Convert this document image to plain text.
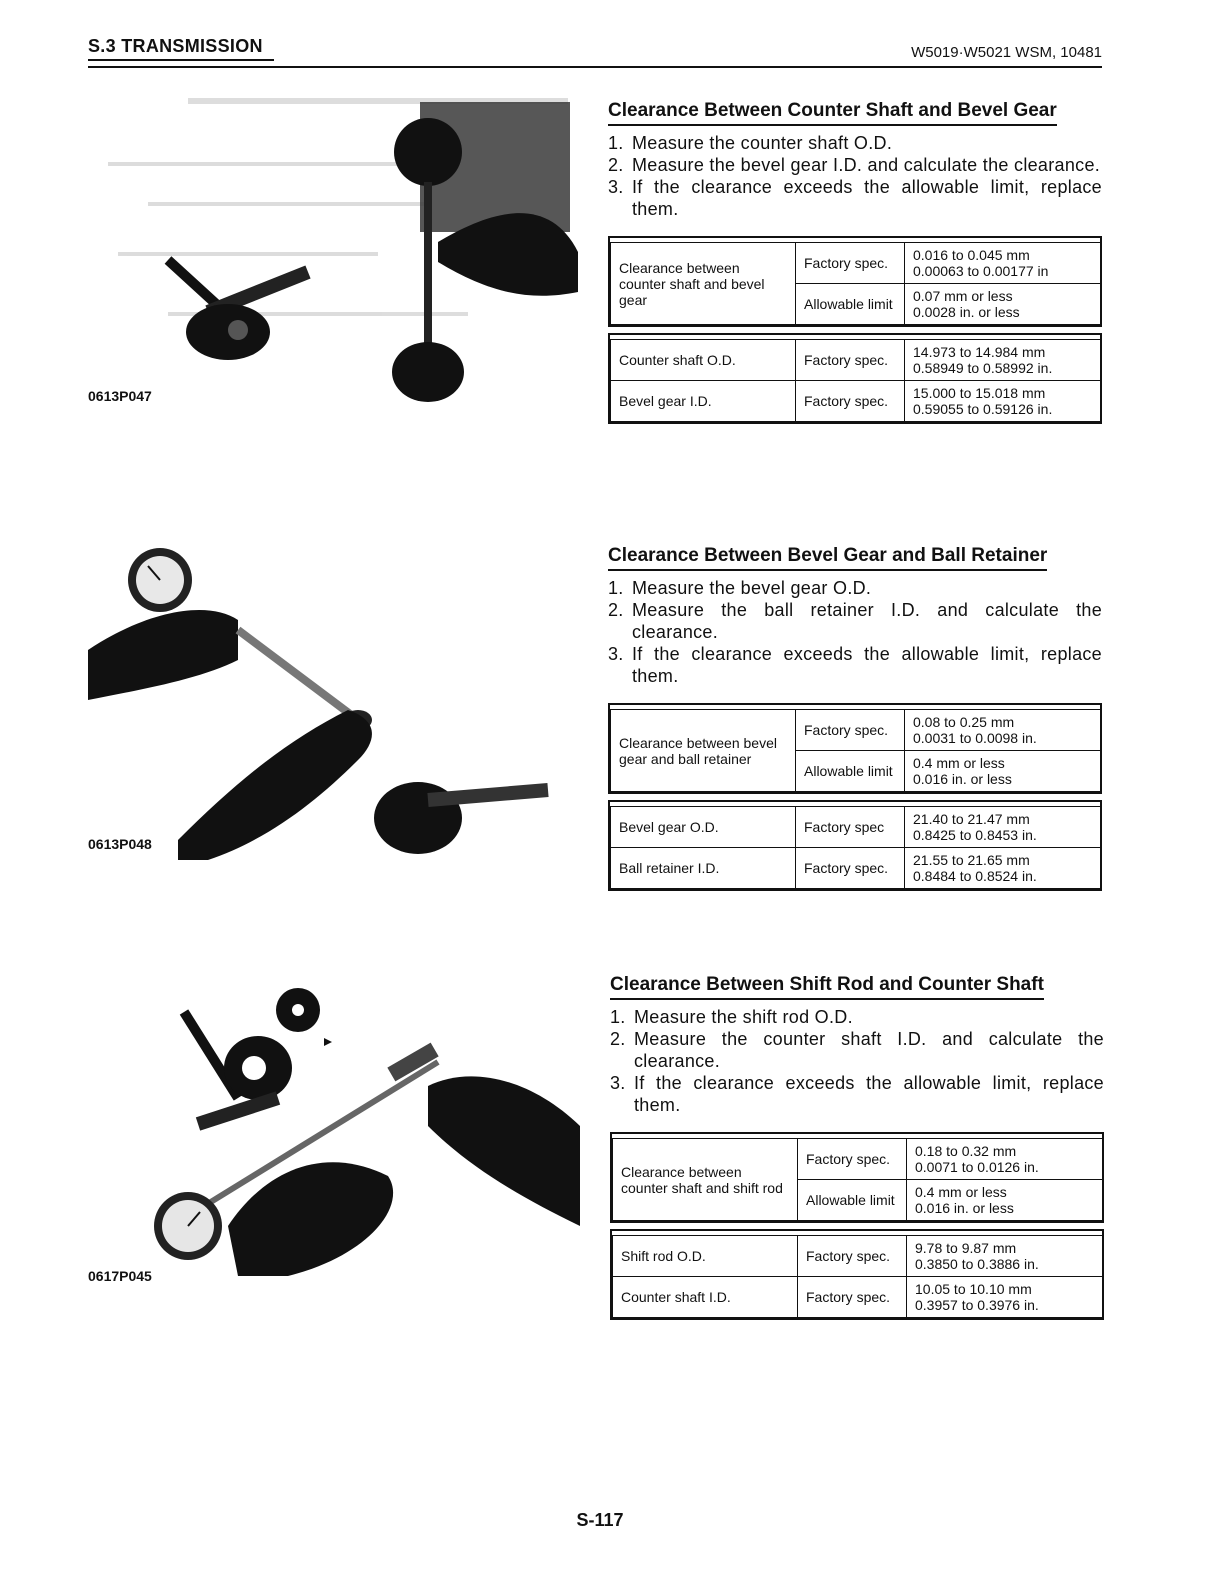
S.3 TRANSMISSION	W5019·W5021 WSM, 10481
0613P047
Clearance Between Counter Shaft and Bevel Gear
1. Measure the counter shaft O.D.
2. Measure the bevel gear I.D. and calculate the clearance.
3. If the clearance exceeds the allowable limit, replace them.
Clearance between counter shaft and bevel gear	Factory spec.	0.016 to 0.045 mm
0.00063 to 0.00177 in

	Allowable limit	0.07 mm or less
0.0028 in. or less
Counter shaft O.D.	Factory spec.	14.973 to 14.984 mm
0.58949 to 0.58992 in.

Bevel gear I.D.	Factory spec.	15.000 to 15.018 mm
0.59055 to 0.59126 in.
0613P048
Clearance Between Bevel Gear and Ball Retainer
1. Measure the bevel gear O.D.
2. Measure the ball retainer I.D. and calculate the clearance.
3. If the clearance exceeds the allowable limit, replace them.
Clearance between bevel gear and ball retainer	Factory spec.	0.08 to 0.25 mm
0.0031 to 0.0098 in.

	Allowable limit	0.4 mm or less
0.016 in. or less
Bevel gear O.D.	Factory spec	21.40 to 21.47 mm
0.8425 to 0.8453 in.

Ball retainer I.D.	Factory spec.	21.55 to 21.65 mm
0.8484 to 0.8524 in.
0617P045
Clearance Between Shift Rod and Counter Shaft
1. Measure the shift rod O.D.
2. Measure the counter shaft I.D. and calculate the clearance.
3. If the clearance exceeds the allowable limit, replace them.
Clearance between counter shaft and shift rod	Factory spec.	0.18 to 0.32 mm
0.0071 to 0.0126 in.

	Allowable limit	0.4 mm or less
0.016 in. or less
Shift rod O.D.	Factory spec.	9.78 to 9.87 mm
0.3850 to 0.3886 in.

Counter shaft I.D.	Factory spec.	10.05 to 10.10 mm
0.3957 to 0.3976 in.
S-117
